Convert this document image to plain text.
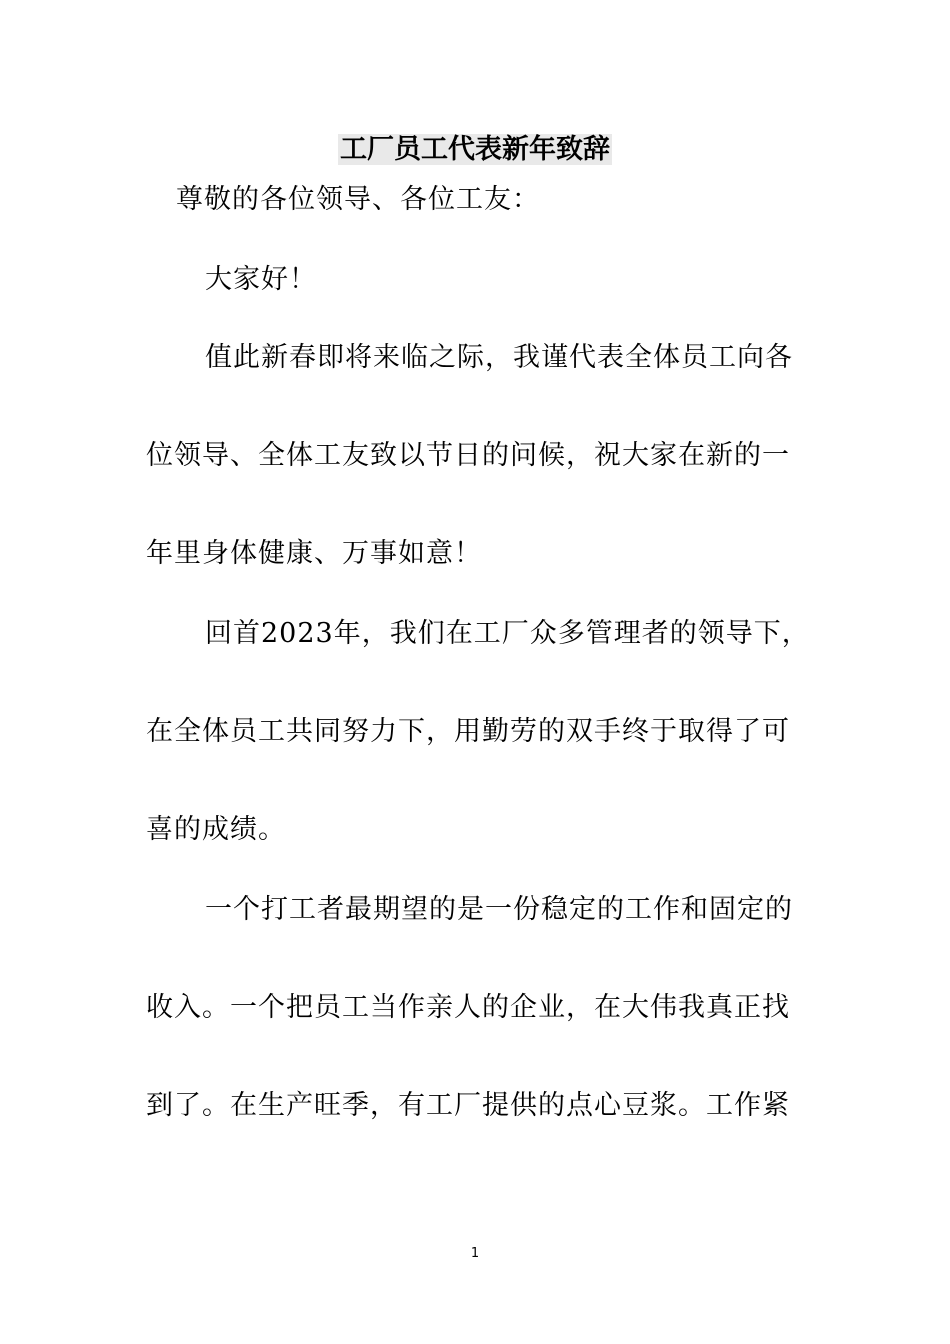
工厂员工代表新年致辞
尊敬的各位领导、各位工友：
大家好！
值此新春即将来临之际，我谨代表全体员工向各
位领导、全体工友致以节日的问候，祝大家在新的一
年里身体健康、万事如意！
回首2023年，我们在工厂众多管理者的领导下，
在全体员工共同努力下，用勤劳的双手终于取得了可
喜的成绩。
一个打工者最期望的是一份稳定的工作和固定的
收入。一个把员工当作亲人的企业，在大伟我真正找
到了。在生产旺季，有工厂提供的点心豆浆。工作紧
1
